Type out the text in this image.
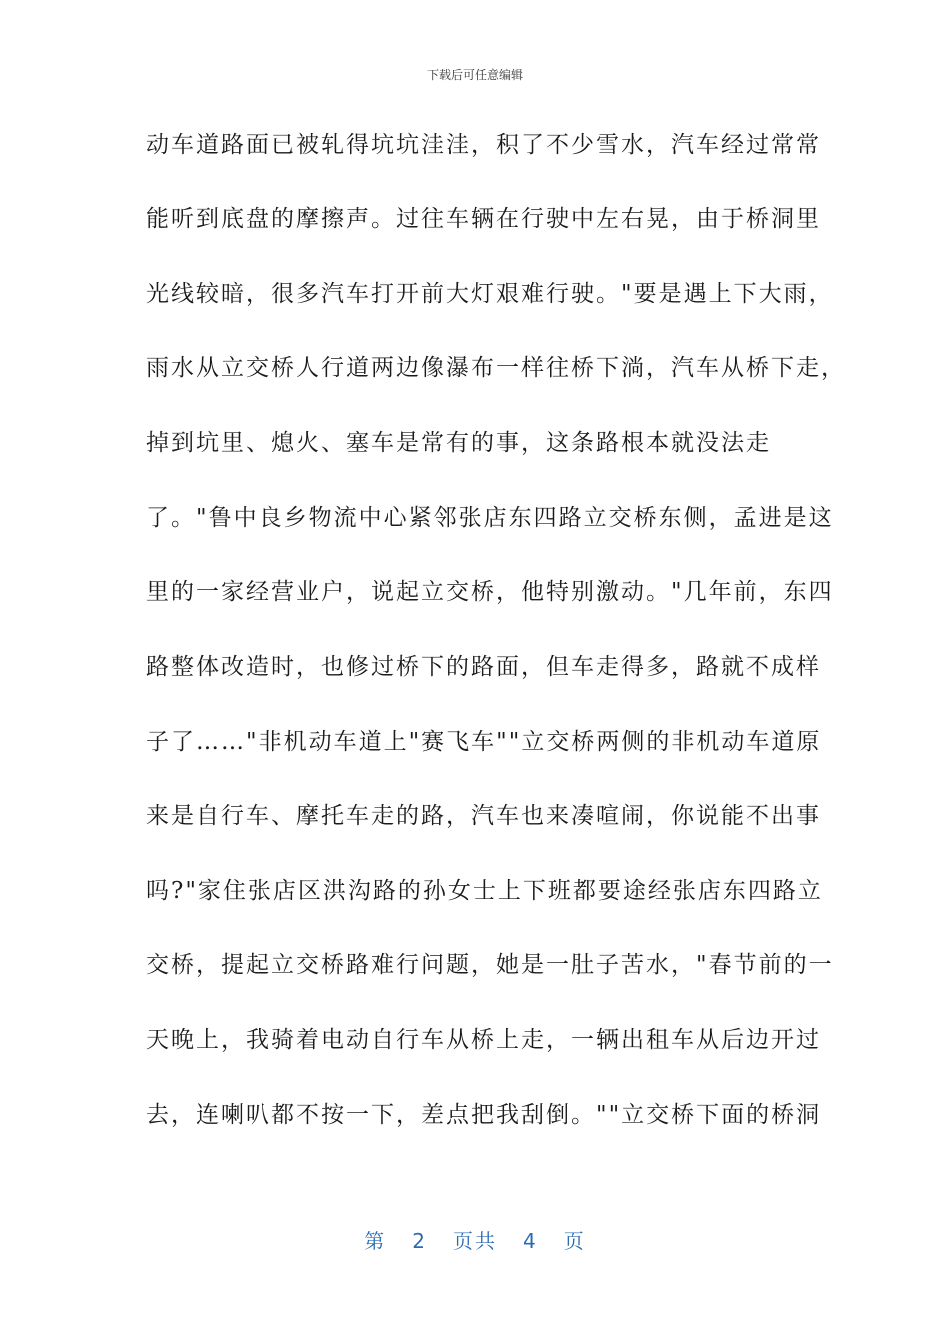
下载后可任意编辑
动车道路面已被轧得坑坑洼洼，积了不少雪水，汽车经过常常
能听到底盘的摩擦声。过往车辆在行驶中左右晃，由于桥洞里
光线较暗，很多汽车打开前大灯艰难行驶。"要是遇上下大雨，
雨水从立交桥人行道两边像瀑布一样往桥下淌，汽车从桥下走，
掉到坑里、熄火、塞车是常有的事，这条路根本就没法走
了。"鲁中良乡物流中心紧邻张店东四路立交桥东侧，孟进是这
里的一家经营业户，说起立交桥，他特别激动。"几年前，东四
路整体改造时，也修过桥下的路面，但车走得多，路就不成样
子了……"非机动车道上"赛飞车""立交桥两侧的非机动车道原
来是自行车、摩托车走的路，汽车也来凑喧闹，你说能不出事
吗?"家住张店区洪沟路的孙女士上下班都要途经张店东四路立
交桥，提起立交桥路难行问题，她是一肚子苦水，"春节前的一
天晚上，我骑着电动自行车从桥上走，一辆出租车从后边开过
去，连喇叭都不按一下，差点把我刮倒。""立交桥下面的桥洞
第 2 页共 4 页
